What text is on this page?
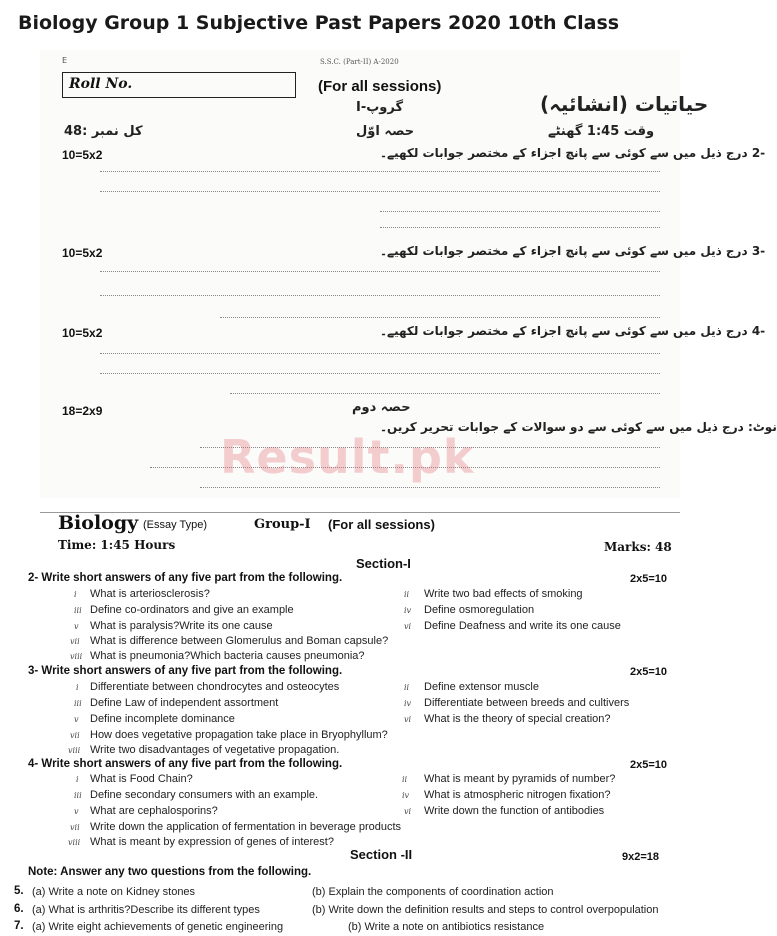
Biology Group 1 Subjective Past Papers 2020 10th Class
E	S.S.C. (Part-II) A-2020
Roll No.	(For all sessions)
حیاتیات (انشائیہ)
گروپ-I
حصہ اوّل	وقت 1:45 گھنٹے
کل نمبر :48
10=5x2	-2 درج ذیل میں سے کوئی سے پانچ اجزاء کے مختصر جوابات لکھیے۔
10=5x2	-3 درج ذیل میں سے کوئی سے پانچ اجزاء کے مختصر جوابات لکھیے۔
10=5x2	-4 درج ذیل میں سے کوئی سے پانچ اجزاء کے مختصر جوابات لکھیے۔
18=2x9	حصہ دوم
نوٹ: درج ذیل میں سے کوئی سے دو سوالات کے جوابات تحریر کریں۔
Result.pk
Biology (Essay Type)	Group-I (For all sessions)
Time: 1:45 Hours	Marks: 48
Section-I
2- Write short answers of any five part from the following.	2x5=10
i What is arteriosclerosis?	ii Write two bad effects of smoking
iii Define co-ordinators and give an example	iv Define osmoregulation
v What is paralysis?Write its one cause	vi Define Deafness and write its one cause
vii What is difference between Glomerulus and Boman capsule?
viii What is pneumonia?Which bacteria causes pneumonia?
3- Write short answers of any five part from the following.	2x5=10
i Differentiate between chondrocytes and osteocytes	ii Define extensor muscle
iii Define Law of independent assortment	iv Differentiate between breeds and cultivers
v Define incomplete dominance	vi What is the theory of special creation?
vii How does vegetative propagation take place in Bryophyllum?
viii Write two disadvantages of vegetative propagation.
4- Write short answers of any five part from the following.	2x5=10
i What is Food Chain?	ii What is meant by pyramids of number?
iii Define secondary consumers with an example.	iv What is atmospheric nitrogen fixation?
v What are cephalosporins?	vi Write down the function of antibodies
vii Write down the application of fermentation in beverage products
viii What is meant by expression of genes of interest?
Section -II
Note: Answer any two questions from the following.
9x2=18
5. (a) Write a note on Kidney stones	(b) Explain the components of coordination action
6. (a) What is arthritis?Describe its different types	(b) Write down the definition results and steps to control overpopulation
7. (a) Write eight achievements of genetic engineering	(b) Write a note on antibiotics resistance
